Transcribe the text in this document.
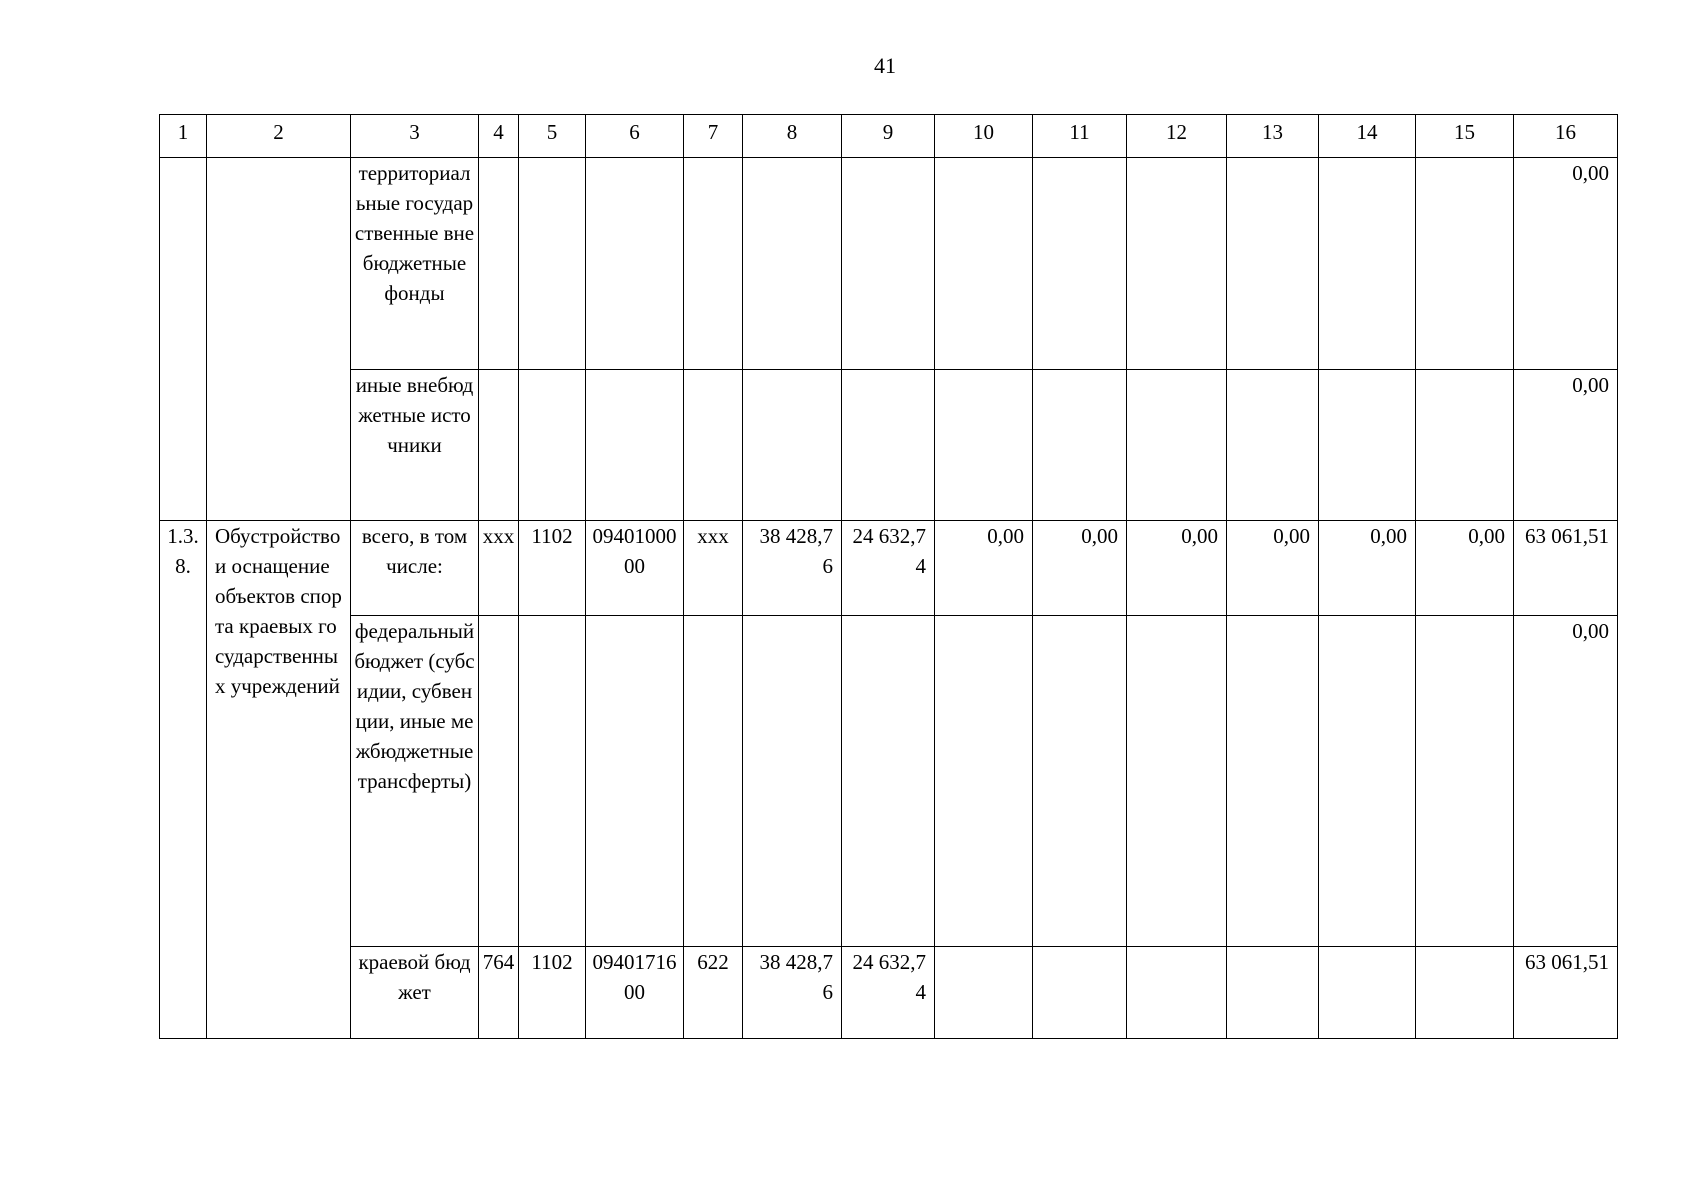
41
1	2	3	4	5	6	7	8	9	10	11	12	13	14	15	16
		территориальные государственные внебюджетные фонды													0,00
		иные внебюджетные источники													0,00
1.3.8.	Обустройство и оснащение объектов спорта краевых государственных учреждений	всего, в том числе:	xxx	1102	0940100000	xxx	38 428,76	24 632,74	0,00	0,00	0,00	0,00	0,00	0,00	63 061,51
		федеральный бюджет (субсидии, субвенции, иные межбюджетные трансферты)													0,00
		краевой бюджет	764	1102	0940171600	622	38 428,76	24 632,74							63 061,51
